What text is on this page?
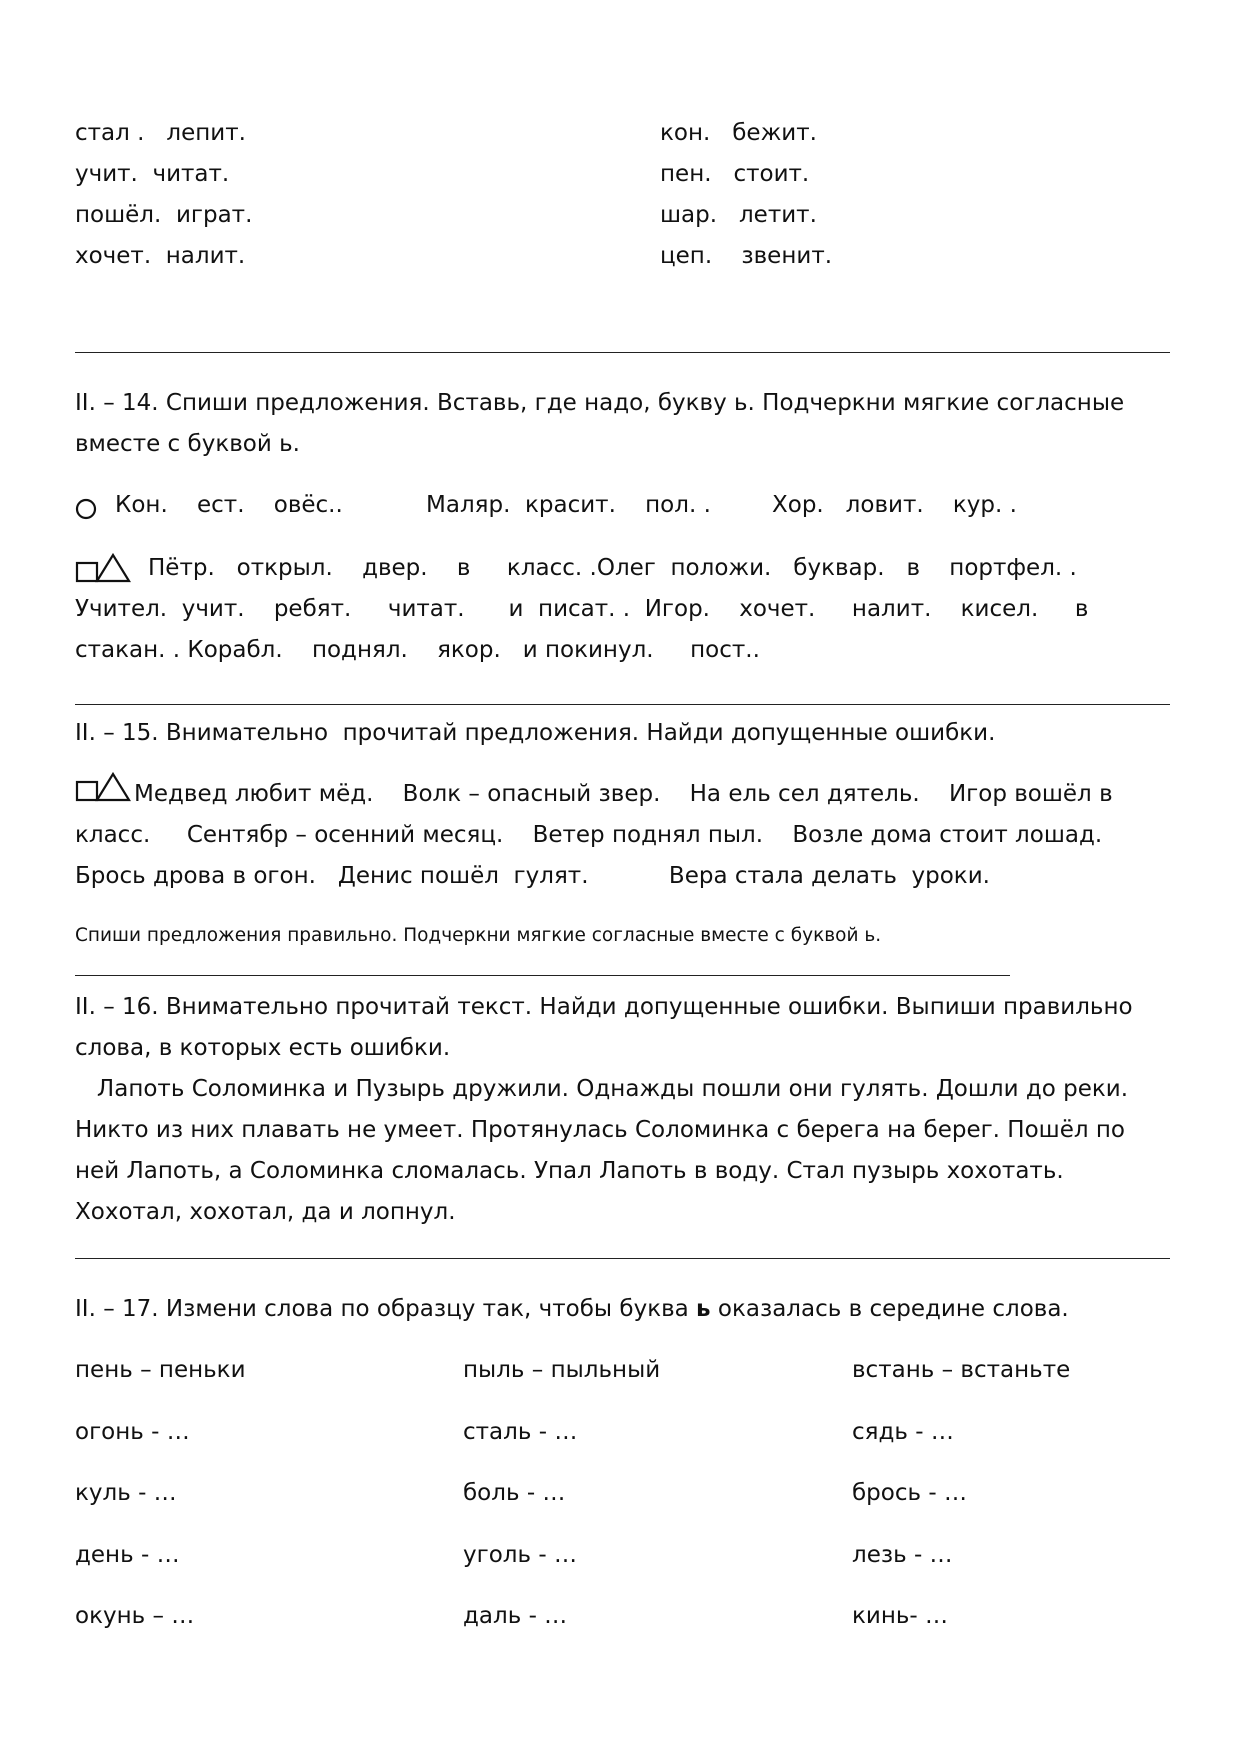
стал .   лепит.
учит.  читат.
пошёл.  играт.
хочет.  налит.
кон.   бежит.
пен.   стоит.
шар.   летит.
цеп.    звенит.
II. – 14. Спиши предложения. Вставь, где надо, букву ь. Подчеркни мягкие согласные
вместе с буквой ь.
Кон.    ест.    овёс..	Маляр.  красит.    пол. .	Хор.   ловит.    кур. .
Пётр.   открыл.    двер.    в     класс. .Олег  положи.   буквар.   в    портфел. .
Учител.  учит.    ребят.     читат.      и  писат. .  Игор.    хочет.     налит.    кисел.     в
стакан. . Корабл.    поднял.    якор.   и покинул.     пост..
II. – 15. Внимательно  прочитай предложения. Найди допущенные ошибки.
Медвед любит мёд.    Волк – опасный звер.    На ель сел дятель.    Игор вошёл в
класс.     Сентябр – осенний месяц.    Ветер поднял пыл.    Возле дома стоит лошад.
Брось дрова в огон.   Денис пошёл  гулят.           Вера стала делать  уроки.
Спиши предложения правильно. Подчеркни мягкие согласные вместе с буквой ь.
II. – 16. Внимательно прочитай текст. Найди допущенные ошибки. Выпиши правильно
слова, в которых есть ошибки.
Лапоть Соломинка и Пузырь дружили. Однажды пошли они гулять. Дошли до реки.
Никто из них плавать не умеет. Протянулась Соломинка с берега на берег. Пошёл по
ней Лапоть, а Соломинка сломалась. Упал Лапоть в воду. Стал пузырь хохотать.
Хохотал, хохотал, да и лопнул.
II. – 17. Измени слова по образцу так, чтобы буква ь оказалась в середине слова.
пень – пеньки
огонь - …
куль - …
день - …
окунь – …
пыль – пыльный
сталь - …
боль - …
уголь - …
даль - …
встань – встаньте
сядь - …
брось - …
лезь - …
кинь- …
